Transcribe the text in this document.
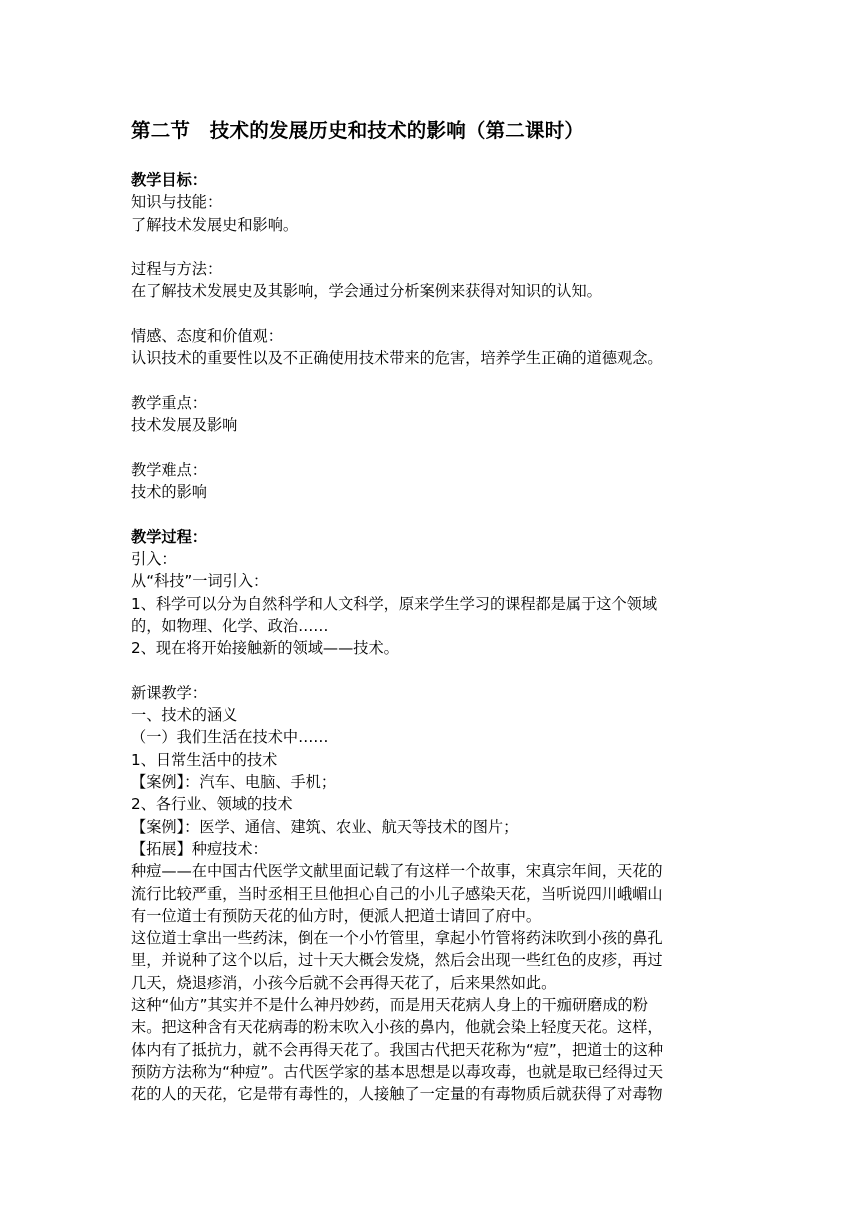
第二节　技术的发展历史和技术的影响（第二课时）

教学目标：

知识与技能：

了解技术发展史和影响。

过程与方法：

在了解技术发展史及其影响，学会通过分析案例来获得对知识的认知。

情感、态度和价值观：

认识技术的重要性以及不正确使用技术带来的危害，培养学生正确的道德观念。

教学重点：

技术发展及影响

教学难点：

技术的影响

教学过程：

引入：

从“科技”一词引入：

1、科学可以分为自然科学和人文科学，原来学生学习的课程都是属于这个领域

的，如物理、化学、政治……

2、现在将开始接触新的领域——技术。

新课教学：

一、技术的涵义

（一）我们生活在技术中……

1、日常生活中的技术

【案例】：汽车、电脑、手机；

2、各行业、领域的技术

【案例】：医学、通信、建筑、农业、航天等技术的图片；

【拓展】种痘技术：

种痘——在中国古代医学文献里面记载了有这样一个故事，宋真宗年间，天花的

流行比较严重，当时丞相王旦他担心自己的小儿子感染天花，当听说四川峨嵋山

有一位道士有预防天花的仙方时，便派人把道士请回了府中。

这位道士拿出一些药沫，倒在一个小竹管里，拿起小竹管将药沫吹到小孩的鼻孔

里，并说种了这个以后，过十天大概会发烧，然后会出现一些红色的皮疹，再过

几天，烧退疹消，小孩今后就不会再得天花了，后来果然如此。

这种“仙方”其实并不是什么神丹妙药，而是用天花病人身上的干痂研磨成的粉

末。把这种含有天花病毒的粉末吹入小孩的鼻内，他就会染上轻度天花。这样，

体内有了抵抗力，就不会再得天花了。我国古代把天花称为“痘”，把道士的这种

预防方法称为“种痘”。古代医学家的基本思想是以毒攻毒，也就是取已经得过天

花的人的天花，它是带有毒性的，人接触了一定量的有毒物质后就获得了对毒物
